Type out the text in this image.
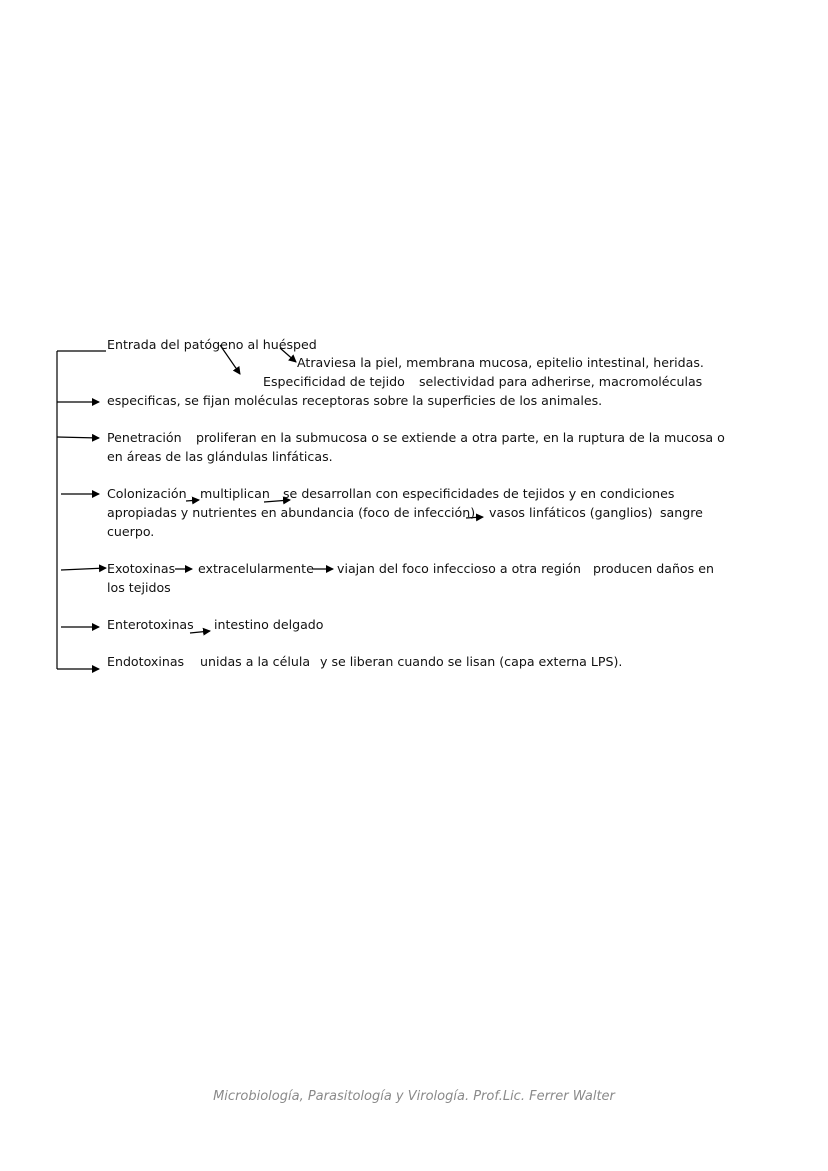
Entrada del patógeno al huésped
Atraviesa la piel, membrana mucosa, epitelio intestinal, heridas.
Especificidad de tejido selectividad para adherirse, macromoléculas
especificas, se fijan moléculas receptoras sobre la superficies de los animales.
Penetración proliferan en la submucosa o se extiende a otra parte, en la ruptura de la mucosa o
en áreas de las glándulas linfáticas.
Colonización multiplican se desarrollan con especificidades de tejidos y en condiciones
apropiadas y nutrientes en abundancia (foco de infección) vasos linfáticos (ganglios) sangre
cuerpo.
Exotoxinas extracelularmente viajan del foco infeccioso a otra región producen daños en
los tejidos
Enterotoxinas intestino delgado
Endotoxinas unidas a la célula y se liberan cuando se lisan (capa externa LPS).
Microbiología, Parasitología y Virología. Prof.Lic. Ferrer Walter
